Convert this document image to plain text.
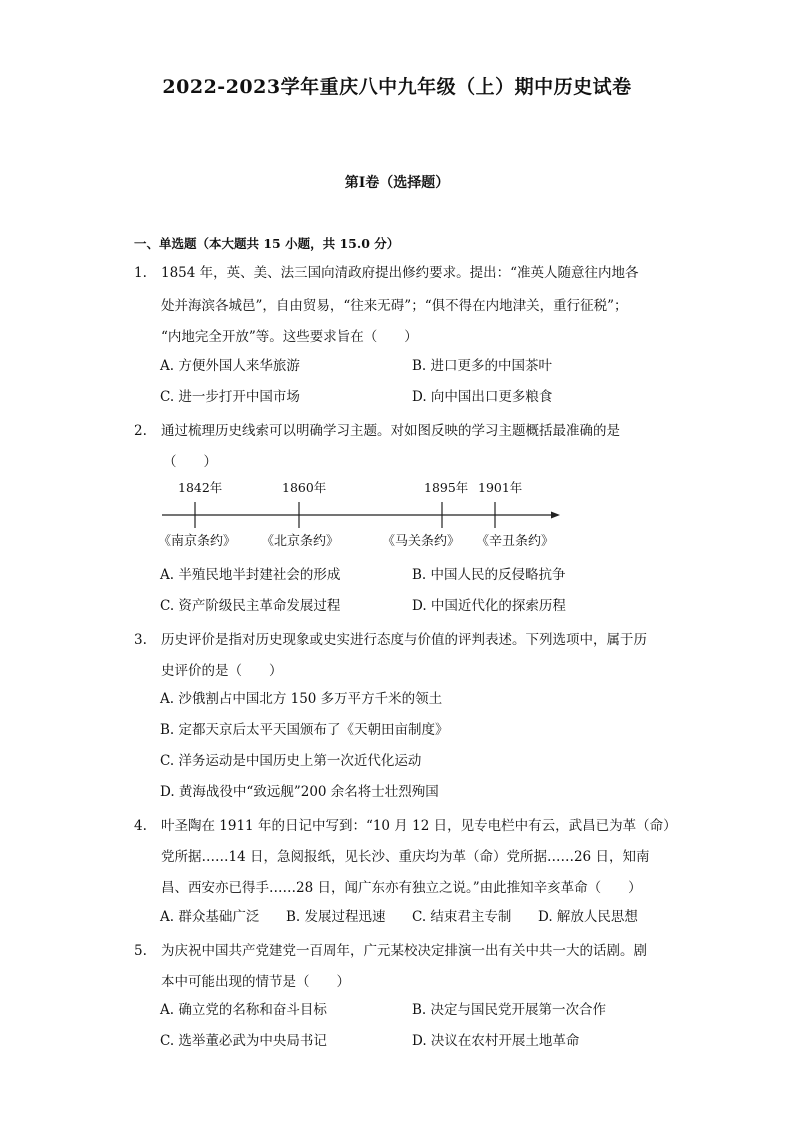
2022-2023学年重庆八中九年级（上）期中历史试卷
第I卷（选择题）
一、单选题（本大题共 15 小题，共 15.0 分）
1.	1854 年，英、美、法三国向清政府提出修约要求。提出：“准英人随意往内地各
处并海滨各城邑”，自由贸易，“往来无碍”；“俱不得在内地津关，重行征税”；
“内地完全开放”等。这些要求旨在（　　）
A. 方便外国人来华旅游	B. 进口更多的中国茶叶
C. 进一步打开中国市场	D. 向中国出口更多粮食
2.	通过梳理历史线索可以明确学习主题。对如图反映的学习主题概括最准确的是
（　　）
1842年	1860年	1895年 1901年
《南京条约》 《北京条约》	《马关条约》 《辛丑条约》
A. 半殖民地半封建社会的形成	B. 中国人民的反侵略抗争
C. 资产阶级民主革命发展过程	D. 中国近代化的探索历程
3.	历史评价是指对历史现象或史实进行态度与价值的评判表述。下列选项中，属于历
史评价的是（　　）
A. 沙俄割占中国北方 150 多万平方千米的领土
B. 定都天京后太平天国颁布了《天朝田亩制度》
C. 洋务运动是中国历史上第一次近代化运动
D. 黄海战役中“致远舰”200 余名将士壮烈殉国
4.	叶圣陶在 1911 年的日记中写到：“10 月 12 日，见专电栏中有云，武昌已为革（命）
党所据……14 日，急阅报纸，见长沙、重庆均为革（命）党所据……26 日，知南
昌、西安亦已得手……28 日，闻广东亦有独立之说。”由此推知辛亥革命（　　）
A. 群众基础广泛 B. 发展过程迅速 C. 结束君主专制 D. 解放人民思想
5.	为庆祝中国共产党建党一百周年，广元某校决定排演一出有关中共一大的话剧。剧
本中可能出现的情节是（　　）
A. 确立党的名称和奋斗目标	B. 决定与国民党开展第一次合作
C. 选举董必武为中央局书记	D. 决议在农村开展土地革命
